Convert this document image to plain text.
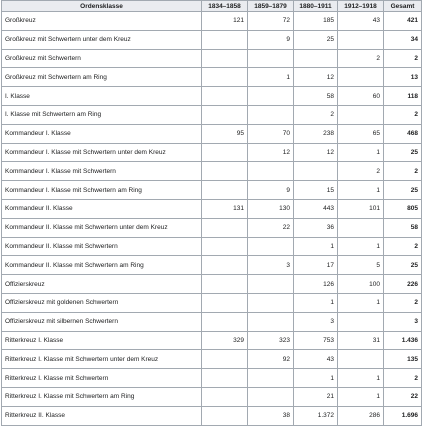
Ordensklasse	1834–1858	1859–1879	1880–1911	1912–1918	Gesamt
Großkreuz	121	72	185	43	421
Großkreuz mit Schwertern unter dem Kreuz		9	25		34
Großkreuz mit Schwertern				2	2
Großkreuz mit Schwertern am Ring		1	12		13
I. Klasse			58	60	118
I. Klasse mit Schwertern am Ring			2		2
Kommandeur I. Klasse	95	70	238	65	468
Kommandeur I. Klasse mit Schwertern unter dem Kreuz		12	12	1	25
Kommandeur I. Klasse mit Schwertern				2	2
Kommandeur I. Klasse mit Schwertern am Ring		9	15	1	25
Kommandeur II. Klasse	131	130	443	101	805
Kommandeur II. Klasse mit Schwertern unter dem Kreuz		22	36		58
Kommandeur II. Klasse mit Schwertern			1	1	2
Kommandeur II. Klasse mit Schwertern am Ring		3	17	5	25
Offizierskreuz			126	100	226
Offizierskreuz mit goldenen Schwertern			1	1	2
Offizierskreuz mit silbernen Schwertern			3		3
Ritterkreuz I. Klasse	329	323	753	31	1.436
Ritterkreuz I. Klasse mit Schwertern unter dem Kreuz		92	43		135
Ritterkreuz I. Klasse mit Schwertern			1	1	2
Ritterkreuz I. Klasse mit Schwertern am Ring			21	1	22
Ritterkreuz II. Klasse		38	1.372	286	1.696
